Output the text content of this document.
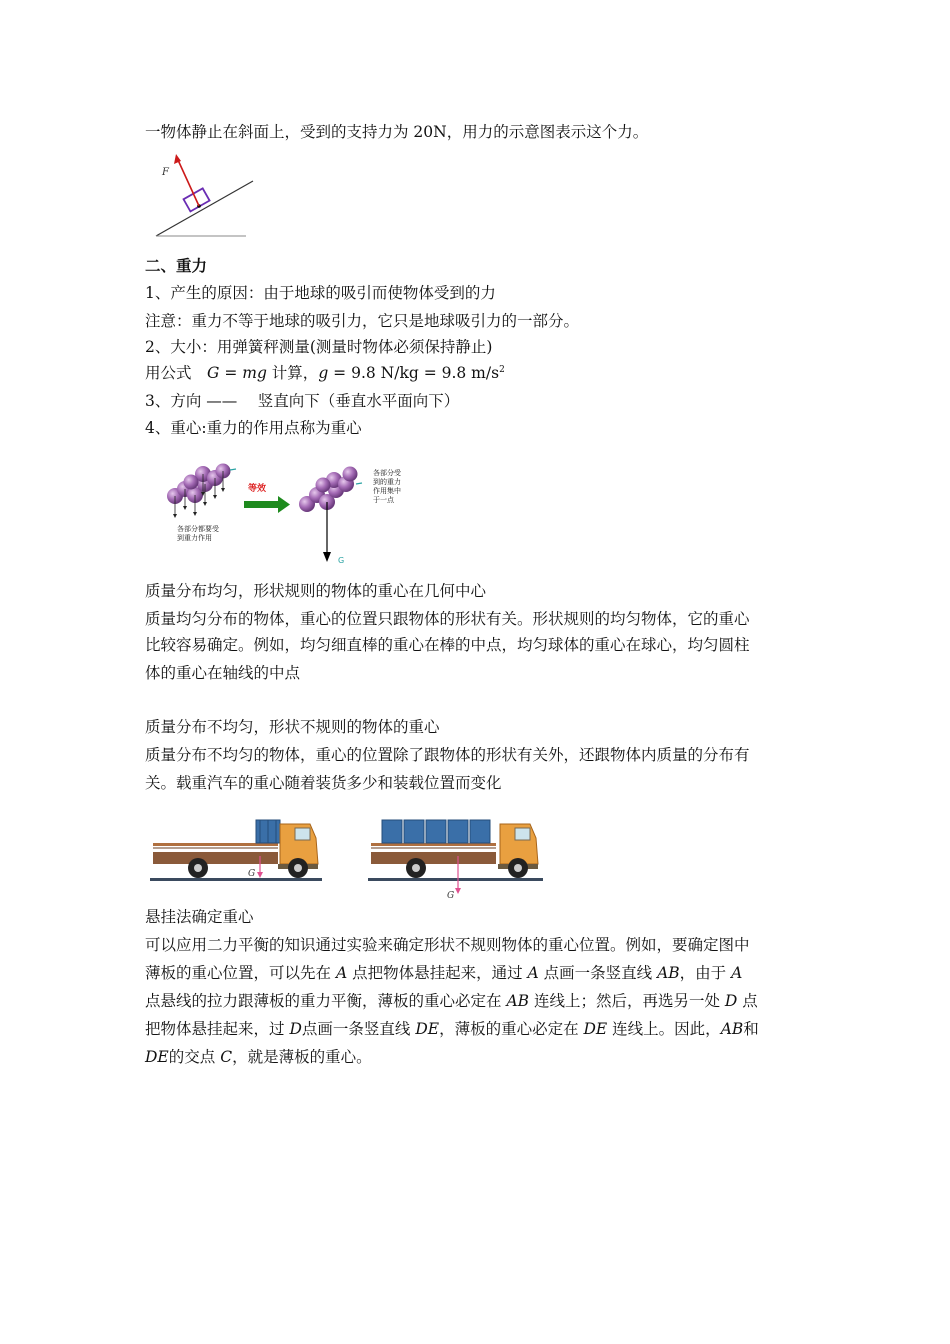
一物体静止在斜面上，受到的支持力为 20N，用力的示意图表示这个力。
F
二、重力
1、产生的原因：由于地球的吸引而使物体受到的力
注意：重力不等于地球的吸引力，它只是地球吸引力的一部分。
2、大小：用弹簧秤测量(测量时物体必须保持静止)
用公式　G = mg 计算，g = 9.8 N/kg = 9.8 $m/s^2$
3、方向 ——　 竖直向下（垂直水平面向下）
4、重心:重力的作用点称为重心
等效
G
各部分都要受
到重力作用
各部分受
到的重力
作用集中
于一点
质量分布均匀，形状规则的物体的重心在几何中心
质量均匀分布的物体，重心的位置只跟物体的形状有关。形状规则的均匀物体，它的重心
比较容易确定。例如，均匀细直棒的重心在棒的中点，均匀球体的重心在球心，均匀圆柱
体的重心在轴线的中点
质量分布不均匀，形状不规则的物体的重心
质量分布不均匀的物体，重心的位置除了跟物体的形状有关外，还跟物体内质量的分布有
关。载重汽车的重心随着装货多少和装载位置而变化
G
G
悬挂法确定重心
可以应用二力平衡的知识通过实验来确定形状不规则物体的重心位置。例如，要确定图中
薄板的重心位置，可以先在 A 点把物体悬挂起来，通过 A 点画一条竖直线 AB，由于 A
点悬线的拉力跟薄板的重力平衡，薄板的重心必定在 AB 连线上；然后，再选另一处 D 点
把物体悬挂起来，过 D点画一条竖直线 DE，薄板的重心必定在 DE 连线上。因此，AB和
DE的交点 C，就是薄板的重心。
